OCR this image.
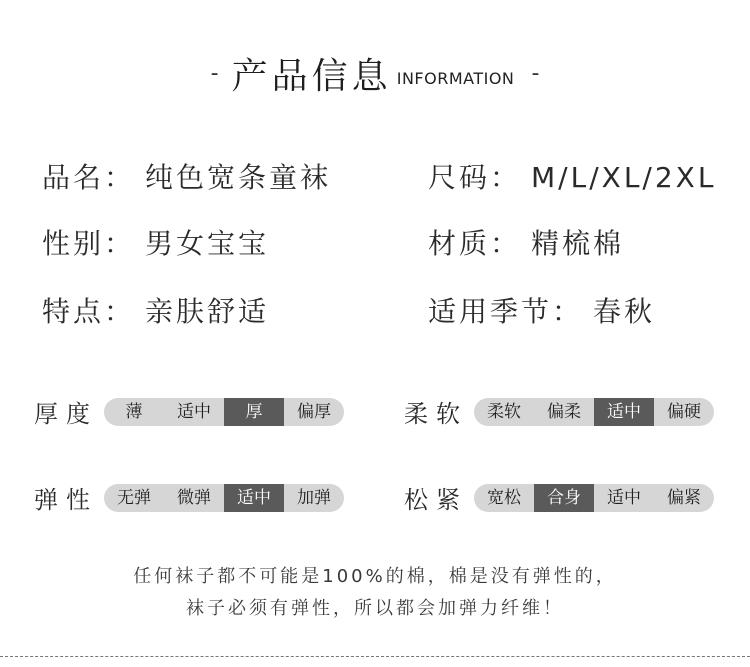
- 产品信息 INFORMATION -
品名： 纯色宽条童袜	尺码： M/L/XL/2XL
性别： 男女宝宝	材质： 精梳棉
特点： 亲肤舒适	适用季节： 春秋
厚度	薄	适中	厚	偏厚	柔软	柔软	偏柔	适中	偏硬
弹性	无弹	微弹	适中	加弹	松紧	宽松	合身	适中	偏紧
任何袜子都不可能是100%的棉，棉是没有弹性的，
袜子必须有弹性，所以都会加弹力纤维！
